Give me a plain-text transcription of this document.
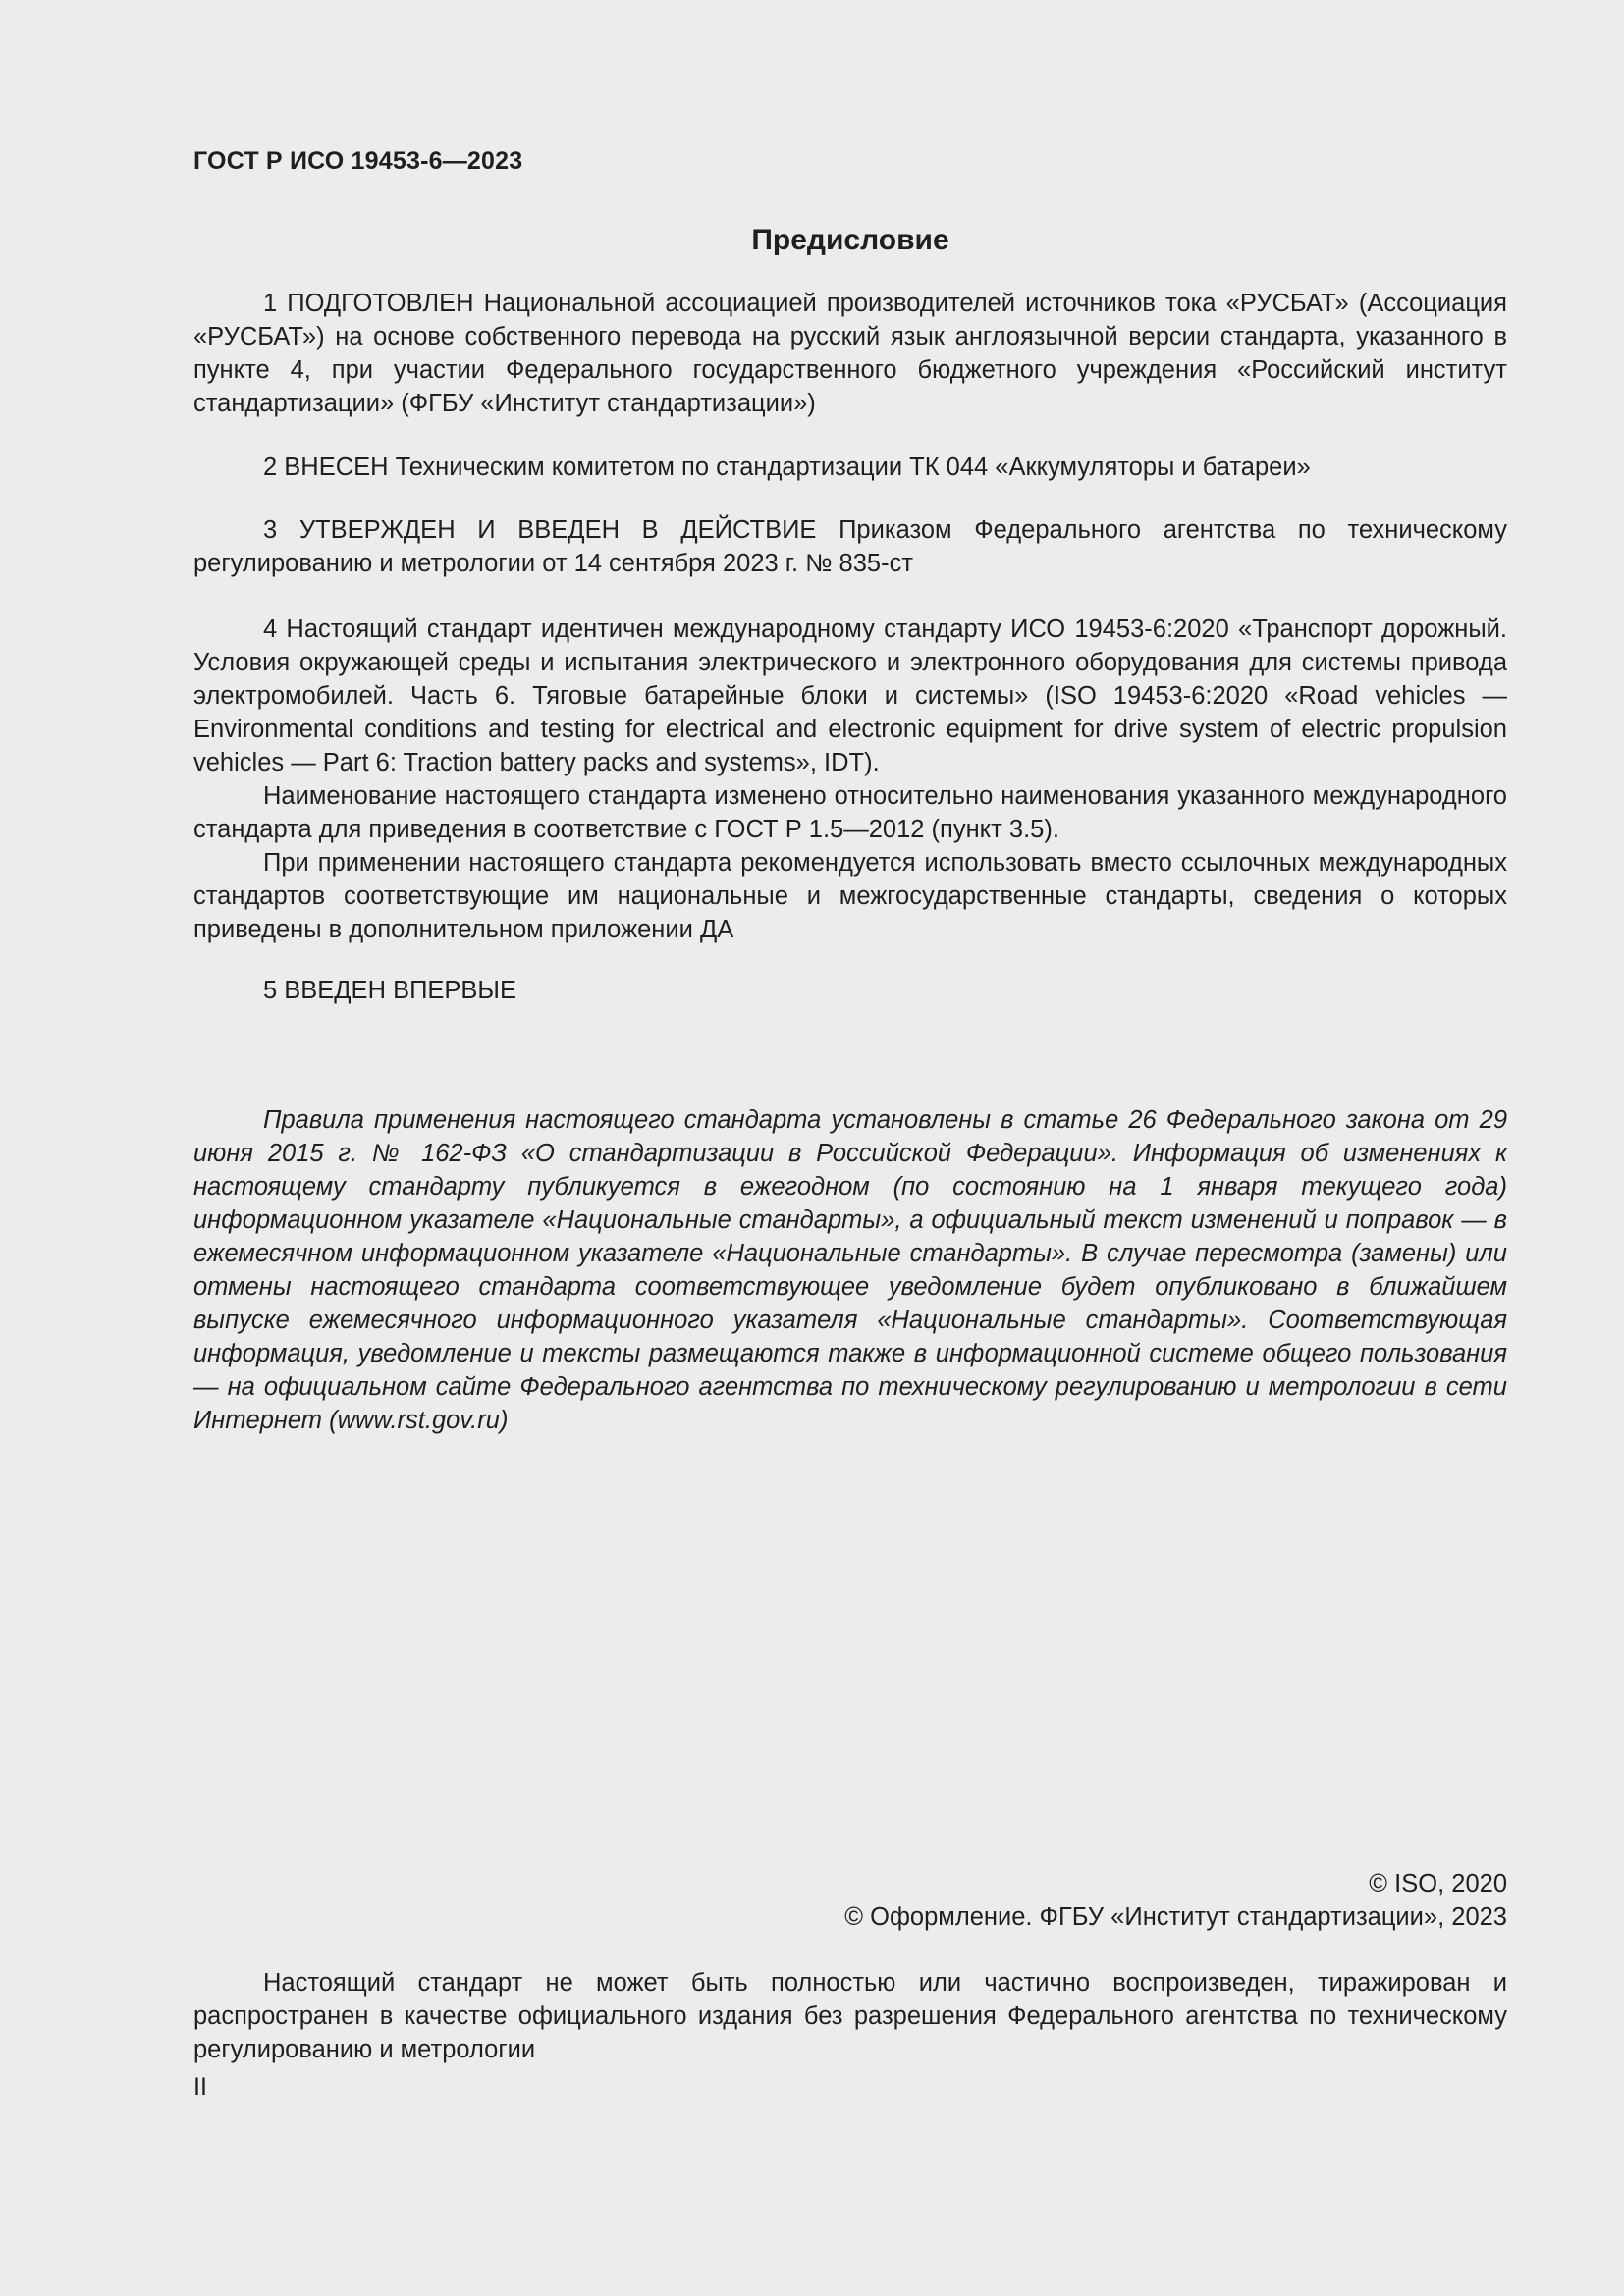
ГОСТ Р ИСО 19453-6—2023
Предисловие

1 ПОДГОТОВЛЕН Национальной ассоциацией производителей источников тока «РУСБАТ» (Ассоциация «РУСБАТ») на основе собственного перевода на русский язык англоязычной версии стандарта, указанного в пункте 4, при участии Федерального государственного бюджетного учреждения «Российский институт стандартизации» (ФГБУ «Институт стандартизации»)

2 ВНЕСЕН Техническим комитетом по стандартизации ТК 044 «Аккумуляторы и батареи»

3 УТВЕРЖДЕН И ВВЕДЕН В ДЕЙСТВИЕ Приказом Федерального агентства по техническому регулированию и метрологии от 14 сентября 2023 г. № 835-ст

4 Настоящий стандарт идентичен международному стандарту ИСО 19453-6:2020 «Транспорт дорожный. Условия окружающей среды и испытания электрического и электронного оборудования для системы привода электромобилей. Часть 6. Тяговые батарейные блоки и системы» (ISO 19453-6:2020 «Road vehicles — Environmental conditions and testing for electrical and electronic equipment for drive system of electric propulsion vehicles — Part 6: Traction battery packs and systems», IDT).

Наименование настоящего стандарта изменено относительно наименования указанного международного стандарта для приведения в соответствие с ГОСТ Р 1.5—2012 (пункт 3.5).

При применении настоящего стандарта рекомендуется использовать вместо ссылочных международных стандартов соответствующие им национальные и межгосударственные стандарты, сведения о которых приведены в дополнительном приложении ДА

5 ВВЕДЕН ВПЕРВЫЕ

Правила применения настоящего стандарта установлены в статье 26 Федерального закона от 29 июня 2015 г. № 162-ФЗ «О стандартизации в Российской Федерации». Информация об изменениях к настоящему стандарту публикуется в ежегодном (по состоянию на 1 января текущего года) информационном указателе «Национальные стандарты», а официальный текст изменений и поправок — в ежемесячном информационном указателе «Национальные стандарты». В случае пересмотра (замены) или отмены настоящего стандарта соответствующее уведомление будет опубликовано в ближайшем выпуске ежемесячного информационного указателя «Национальные стандарты». Соответствующая информация, уведомление и тексты размещаются также в информационной системе общего пользования — на официальном сайте Федерального агентства по техническому регулированию и метрологии в сети Интернет (www.rst.gov.ru)

© ISO, 2020
© Оформление. ФГБУ «Институт стандартизации», 2023

Настоящий стандарт не может быть полностью или частично воспроизведен, тиражирован и распространен в качестве официального издания без разрешения Федерального агентства по техническому регулированию и метрологии

II
